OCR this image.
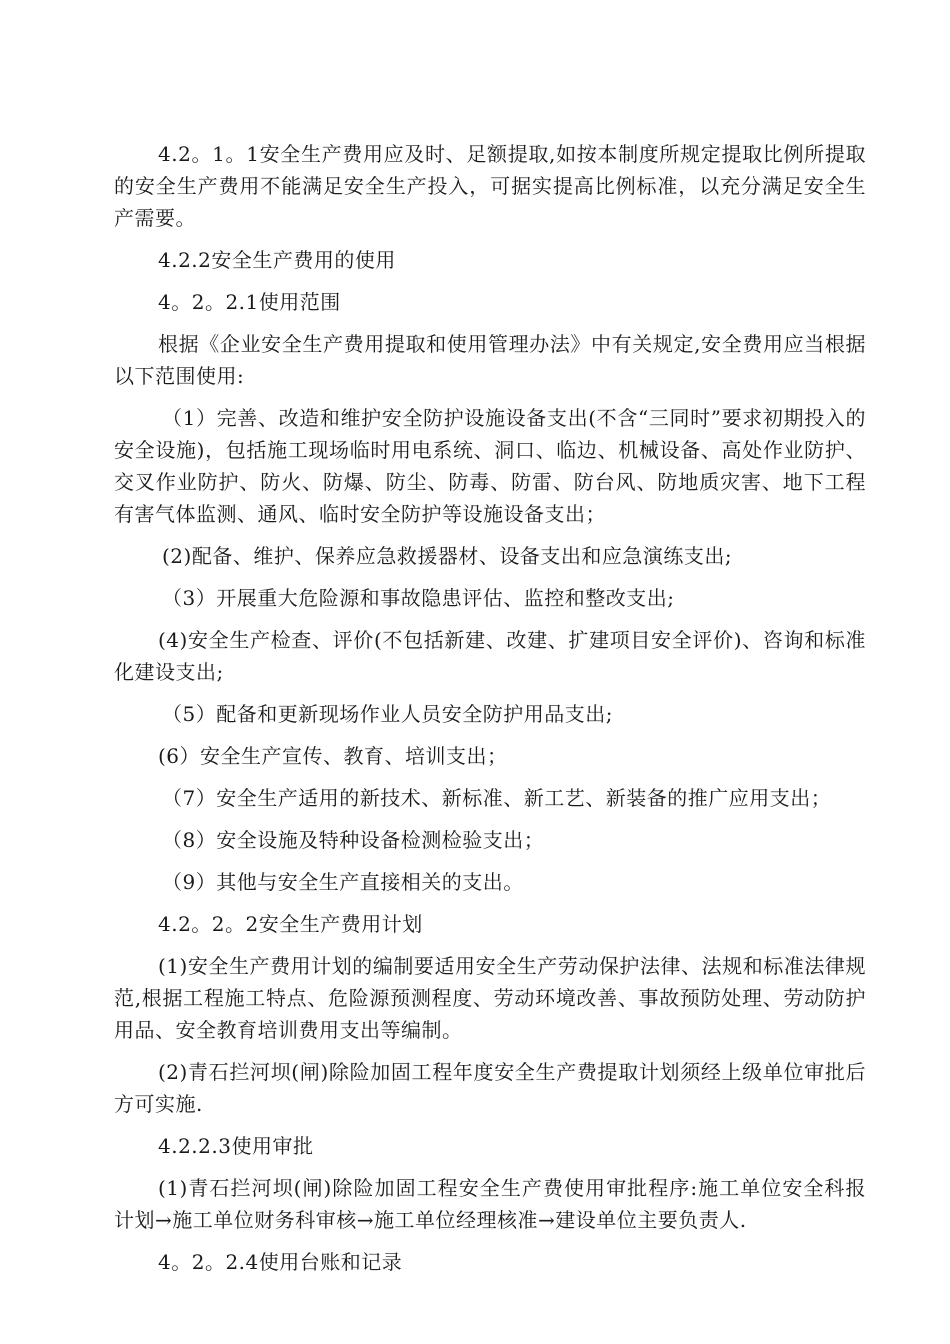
4.2。1。1安全生产费用应及时、足额提取,如按本制度所规定提取比例所提取的安全生产费用不能满足安全生产投入，可据实提高比例标准，以充分满足安全生产需要。

4.2.2安全生产费用的使用

4。2。2.1使用范围

根据《企业安全生产费用提取和使用管理办法》中有关规定,安全费用应当根据以下范围使用:

（1）完善、改造和维护安全防护设施设备支出(不含“三同时”要求初期投入的安全设施)，包括施工现场临时用电系统、洞口、临边、机械设备、高处作业防护、交叉作业防护、防火、防爆、防尘、防毒、防雷、防台风、防地质灾害、地下工程有害气体监测、通风、临时安全防护等设施设备支出；

(2)配备、维护、保养应急救援器材、设备支出和应急演练支出;

（3）开展重大危险源和事故隐患评估、监控和整改支出;

(4)安全生产检查、评价(不包括新建、改建、扩建项目安全评价)、咨询和标准化建设支出;

（5）配备和更新现场作业人员安全防护用品支出;

(6）安全生产宣传、教育、培训支出；

（7）安全生产适用的新技术、新标准、新工艺、新装备的推广应用支出；

（8）安全设施及特种设备检测检验支出；

（9）其他与安全生产直接相关的支出。

4.2。2。2安全生产费用计划

(1)安全生产费用计划的编制要适用安全生产劳动保护法律、法规和标准法律规范,根据工程施工特点、危险源预测程度、劳动环境改善、事故预防处理、劳动防护用品、安全教育培训费用支出等编制。

(2)青石拦河坝(闸)除险加固工程年度安全生产费提取计划须经上级单位审批后方可实施.

4.2.2.3使用审批

(1)青石拦河坝(闸)除险加固工程安全生产费使用审批程序:施工单位安全科报计划→施工单位财务科审核→施工单位经理核准→建设单位主要负责人.

4。2。2.4使用台账和记录
